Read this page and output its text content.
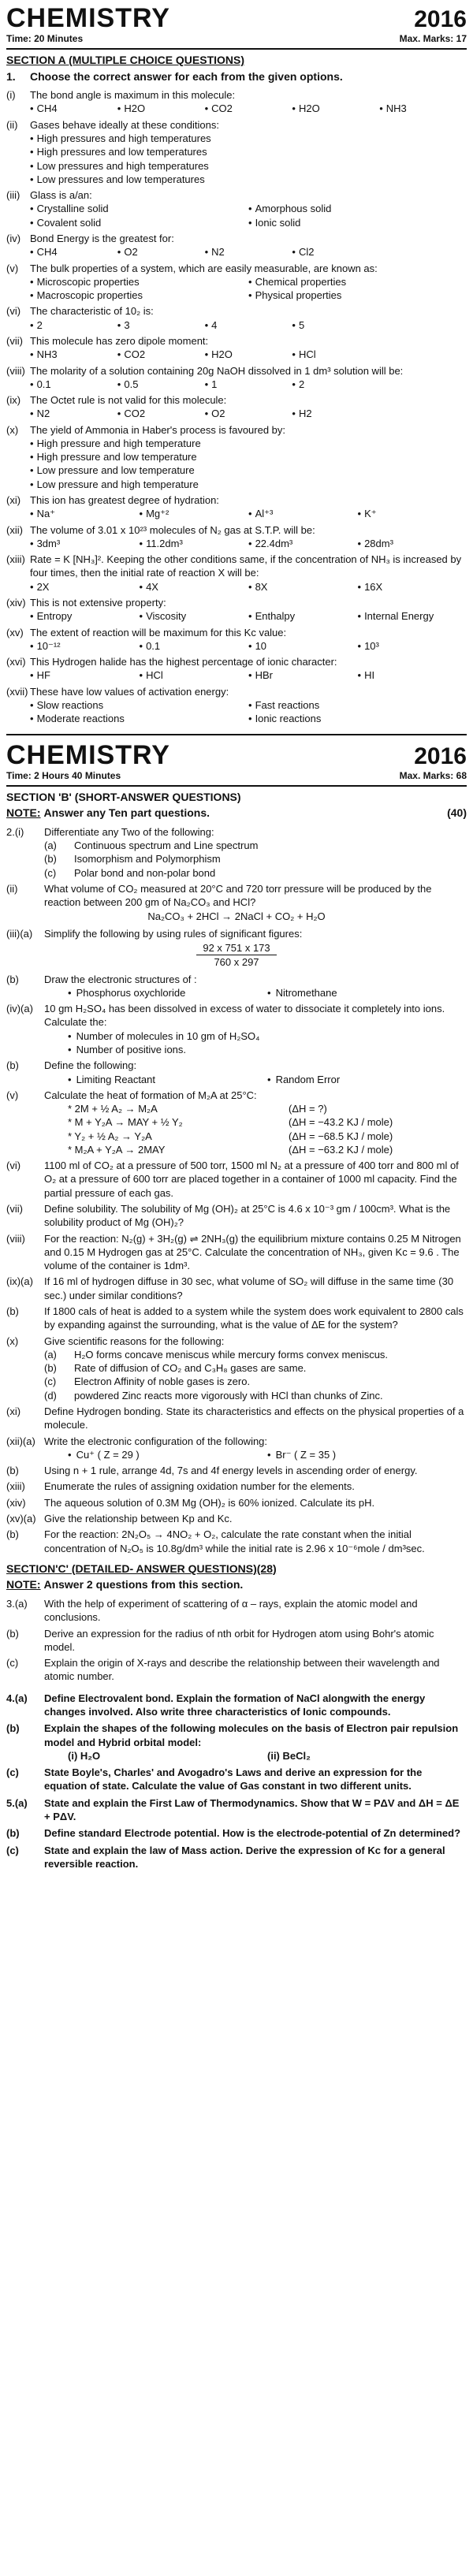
CHEMISTRY	2016
Time: 20 Minutes	Max. Marks: 17
SECTION A (MULTIPLE CHOICE QUESTIONS)
1.	Choose the correct answer for each from the given options.
(i)	The bond angle is maximum in this molecule:
• CH4	• H2O	• CO2	• H2O	• NH3
(ii)	Gases behave ideally at these conditions:
• High pressures and high temperatures
• High pressures and low temperatures
• Low pressures and high temperatures
• Low pressures and low temperatures
(iii) Glass is a/an:
• Crystalline solid	• Amorphous solid
• Covalent solid	• Ionic solid
(iv) Bond Energy is the greatest for:
• CH4	• O2	• N2	• Cl2
(v)	The bulk properties of a system, which are easily measurable, are known as:
• Microscopic properties	• Chemical properties
• Macroscopic properties	• Physical properties
(vi) The characteristic of 10₂ is:
• 2	• 3	• 4	• 5
(vii) This molecule has zero dipole moment:
• NH3	• CO2	• H2O	• HCl
(viii) The molarity of a solution containing 20g NaOH dissolved in 1 dm³ solution will be:
• 0.1	• 0.5	• 1	• 2
(ix) The Octet rule is not valid for this molecule:
• N2	• CO2	• O2	• H2
(x)	The yield of Ammonia in Haber's process is favoured by:
• High pressure and high temperature
• High pressure and low temperature
• Low pressure and low temperature
• Low pressure and high temperature
(xi) This ion has greatest degree of hydration:
• Na⁺	• Mg⁺²	• Al⁺³	• K⁺
(xii) The volume of 3.01 x 10²³ molecules of N₂ gas at S.T.P. will be:
• 3dm³	• 11.2dm³	• 22.4dm³	• 28dm³
(xiii) Rate = K [NH₃]². Keeping the other conditions same, if the concentration of NH₃ is increased by four times, then the initial rate of reaction X will be:
• 2X	• 4X	• 8X	• 16X
(xiv) This is not extensive property:
• Entropy	• Viscosity	• Enthalpy	• Internal Energy
(xv) The extent of reaction will be maximum for this Kc value:
• 10⁻¹²	• 0.1	• 10	• 10³
(xvi) This Hydrogen halide has the highest percentage of ionic character:
• HF	• HCl	• HBr	• HI
(xvii) These have low values of activation energy:
• Slow reactions	• Fast reactions
• Moderate reactions	• Ionic reactions
CHEMISTRY	2016
Time: 2 Hours 40 Minutes	Max. Marks: 68
SECTION 'B' (SHORT-ANSWER QUESTIONS)
NOTE:
Answer any Ten part questions.	(40)
2.(i)	Differentiate any Two of the following:
(a)	Continuous spectrum and Line spectrum
(b)	Isomorphism and Polymorphism
(c)	Polar bond and non-polar bond
(ii)	What volume of CO₂ measured at 20°C and 720 torr pressure will be produced by the reaction between 200 gm of Na₂CO₃ and HCl?
Na₂CO₃ + 2HCl → 2NaCl + CO₂ + H₂O
(iii)(a)	Simplify the following by using rules of significant figures:
$\frac{92 x 751 x 173}{760 x 297}$
(b)	Draw the electronic structures of :
• Phosphorus oxychloride	• Nitromethane
(iv)(a)	10 gm H₂SO₄ has been dissolved in excess of water to dissociate it completely into ions. Calculate the:
• Number of molecules in 10 gm of H₂SO₄
• Number of positive ions.
(b)	Define the following:
• Limiting Reactant	• Random Error
(v)	Calculate the heat of formation of M₂A at 25°C:
* 2M + ½ A₂ → M₂A	(ΔH = ?)
* M + Y₂A → MAY + ½ Y₂	(ΔH = −43.2 KJ / mole)
* Y₂ + ½ A₂ → Y₂A	(ΔH = −68.5 KJ / mole)
* M₂A + Y₂A → 2MAY	(ΔH = −63.2 KJ / mole)
(vi)	1100 ml of CO₂ at a pressure of 500 torr, 1500 ml N₂ at a pressure of 400 torr and 800 ml of O₂ at a pressure of 600 torr are placed together in a container of 1000 ml capacity. Find the partial pressure of each gas.
(vii)	Define solubility. The solubility of Mg (OH)₂ at 25°C is 4.6 x 10⁻³ gm / 100cm³. What is the solubility product of Mg (OH)₂?
(viii)	For the reaction: N₂(g) + 3H₂(g) ⇌ 2NH₃(g) the equilibrium mixture contains 0.25 M Nitrogen and 0.15 M Hydrogen gas at 25°C. Calculate the concentration of NH₃, given Kc = 9.6 . The volume of the container is 1dm³.
(ix)(a)	If 16 ml of hydrogen diffuse in 30 sec, what volume of SO₂ will diffuse in the same time (30 sec.) under similar conditions?
(b)	If 1800 cals of heat is added to a system while the system does work equivalent to 2800 cals by expanding against the surrounding, what is the value of ΔE for the system?
(x)	Give scientific reasons for the following:
(a)	H₂O forms concave meniscus while mercury forms convex meniscus.
(b)	Rate of diffusion of CO₂ and C₃H₈ gases are same.
(c)	Electron Affinity of noble gases is zero.
(d)	powdered Zinc reacts more vigorously with HCl than chunks of Zinc.
(xi)	Define Hydrogen bonding. State its characteristics and effects on the physical properties of a molecule.
(xii)(a) Write the electronic configuration of the following:
• Cu⁺ ( Z = 29 )	• Br⁻ ( Z = 35 )
(b)	Using n + 1 rule, arrange 4d, 7s and 4f energy levels in ascending order of energy.
(xiii)	Enumerate the rules of assigning oxidation number for the elements.
(xiv)	The aqueous solution of 0.3M Mg (OH)₂ is 60% ionized. Calculate its pH.
(xv)(a) Give the relationship between Kp and Kc.
(b)	For the reaction: 2N₂O₅ → 4NO₂ + O₂, calculate the rate constant when the initial concentration of N₂O₅ is 10.8g/dm³ while the initial rate is 2.96 x 10⁻⁶mole / dm³sec.
SECTION'C' (DETAILED- ANSWER QUESTIONS)(28)
NOTE:
Answer 2 questions from this section.
3.(a)	With the help of experiment of scattering of α – rays, explain the atomic model and conclusions.
(b)	Derive an expression for the radius of nth orbit for Hydrogen atom using Bohr's atomic model.
(c)	Explain the origin of X-rays and describe the relationship between their wavelength and atomic number.
4.(a)	Define Electrovalent bond. Explain the formation of NaCl alongwith the energy changes involved. Also write three characteristics of Ionic compounds.
(b)	Explain the shapes of the following molecules on the basis of Electron pair repulsion model and Hybrid orbital model:
(i) H₂O	(ii) BeCl₂
(c)	State Boyle's, Charles' and Avogadro's Laws and derive an expression for the equation of state. Calculate the value of Gas constant in two different units.
5.(a)	State and explain the First Law of Thermodynamics. Show that W = PΔV and ΔH = ΔE + PΔV.
(b)	Define standard Electrode potential. How is the electrode-potential of Zn determined?
(c)	State and explain the law of Mass action. Derive the expression of Kc for a general reversible reaction.
